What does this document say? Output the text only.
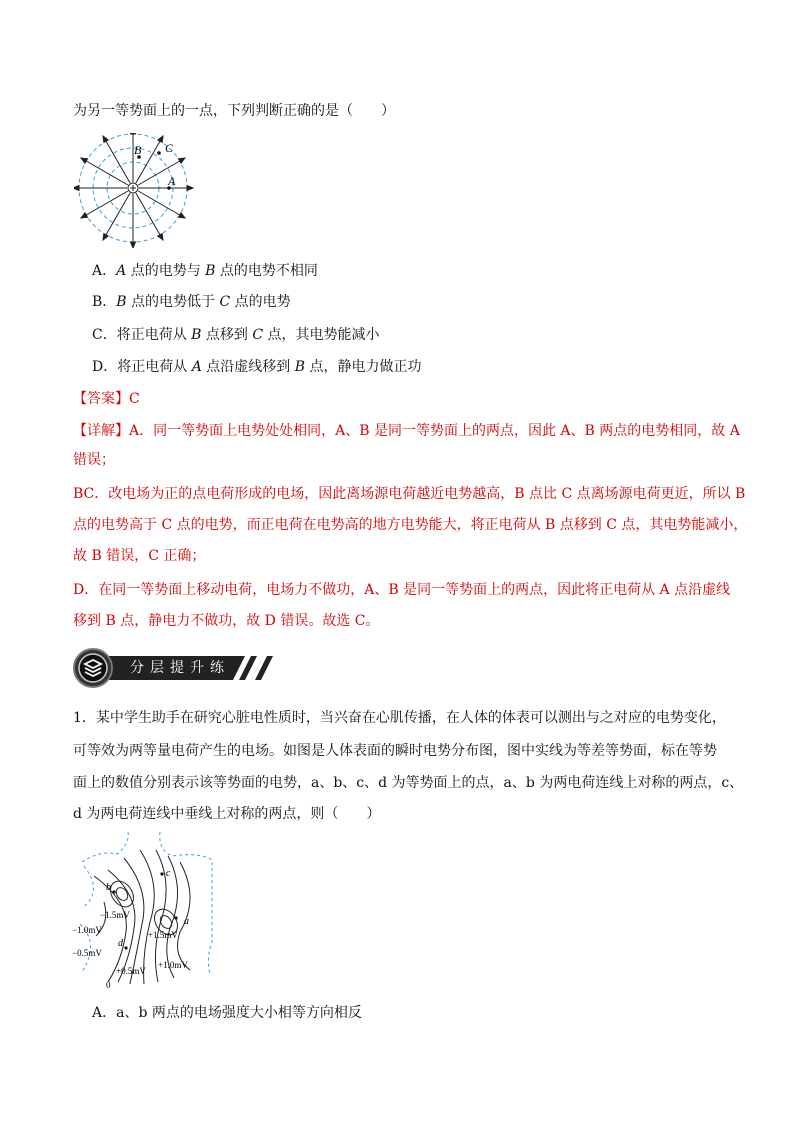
为另一等势面上的一点，下列判断正确的是（　　）
B C
A
A．A 点的电势与 B 点的电势不相同
B．B 点的电势低于 C 点的电势
C．将正电荷从 B 点移到 C 点，其电势能减小
D．将正电荷从 A 点沿虚线移到 B 点，静电力做正功
【答案】C
【详解】A．同一等势面上电势处处相同，A、B 是同一等势面上的两点，因此 A、B 两点的电势相同，故 A
错误；
BC．改电场为正的点电荷形成的电场，因此离场源电荷越近电势越高，B 点比 C 点离场源电荷更近，所以 B
点的电势高于 C 点的电势，而正电荷在电势高的地方电势能大，将正电荷从 B 点移到 C 点，其电势能减小，
故 B 错误，C 正确；
D．在同一等势面上移动电荷，电场力不做功，A、B 是同一等势面上的两点，因此将正电荷从 A 点沿虚线
移到 B 点，静电力不做功，故 D 错误。故选 C。
分层提升练
1．某中学生助手在研究心脏电性质时，当兴奋在心肌传播，在人体的体表可以测出与之对应的电势变化，
可等效为两等量电荷产生的电场。如图是人体表面的瞬时电势分布图，图中实线为等差等势面，标在等势
面上的数值分别表示该等势面的电势，a、b、c、d 为等势面上的点，a、b 为两电荷连线上对称的两点，c、
d 为两电荷连线中垂线上对称的两点，则（　　）
c
b
a
d
−1.5mV
−1.0mV
−0.5mV
+1.5mV
+0.5mV
+1.0mV
0
A．a、b 两点的电场强度大小相等方向相反
